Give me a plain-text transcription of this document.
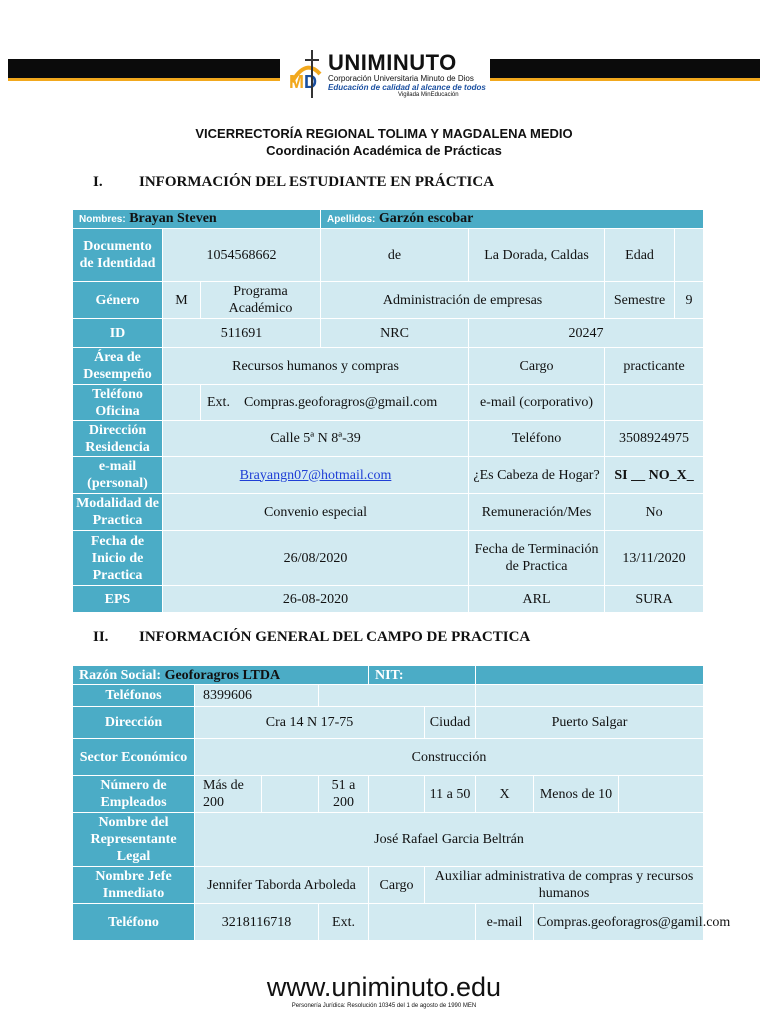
M D
UNIMINUTO
Corporación Universitaria Minuto de Dios
Educación de calidad al alcance de todos
Vigilada MinEducación
VICERRECTORÍA REGIONAL TOLIMA Y MAGDALENA MEDIO
Coordinación Académica de Prácticas
I. INFORMACIÓN DEL ESTUDIANTE EN PRÁCTICA
Nombres: Brayan Steven			Apellidos: Garzón escobar			
Documento de Identidad	1054568662		de	La Dorada, Caldas	Edad	
Género	M	Programa Académico	Administración de empresas		Semestre	9
ID	511691		NRC	20247		
Área de Desempeño	Recursos humanos y compras			Cargo	practicante	
Teléfono Oficina		Ext. Compras.geoforagros@gmail.com		e-mail (corporativo)		
Dirección Residencia	Calle 5ª N 8ª-39			Teléfono	3508924975	
e-mail (personal)	Brayangn07@hotmail.com			¿Es Cabeza de Hogar?	SI __ NO_X_	
Modalidad de Practica	Convenio especial			Remuneración/Mes	No	
Fecha de Inicio de Practica	26/08/2020			Fecha de Terminación de Practica	13/11/2020	
EPS	26-08-2020			ARL	SURA	
II. INFORMACIÓN GENERAL DEL CAMPO DE PRACTICA
Razón Social: Geoforagros LTDA				NIT:				
Teléfonos	8399606							
Dirección	Cra 14 N 17-75				Ciudad	Puerto Salgar		
Sector Económico	Construcción							
Número de Empleados	Más de 200		51 a 200		11 a 50	X	Menos de 10	
Nombre del Representante Legal	José Rafael Garcia Beltrán							
Nombre Jefe Inmediato	Jennifer Taborda Arboleda			Cargo	Auxiliar administrativa de compras y recursos humanos			
Teléfono	3218116718		Ext.			e-mail	Compras.geoforagros@gamil.com	
www.uniminuto.edu
Personería Jurídica: Resolución 10345 del 1 de agosto de 1990 MEN
